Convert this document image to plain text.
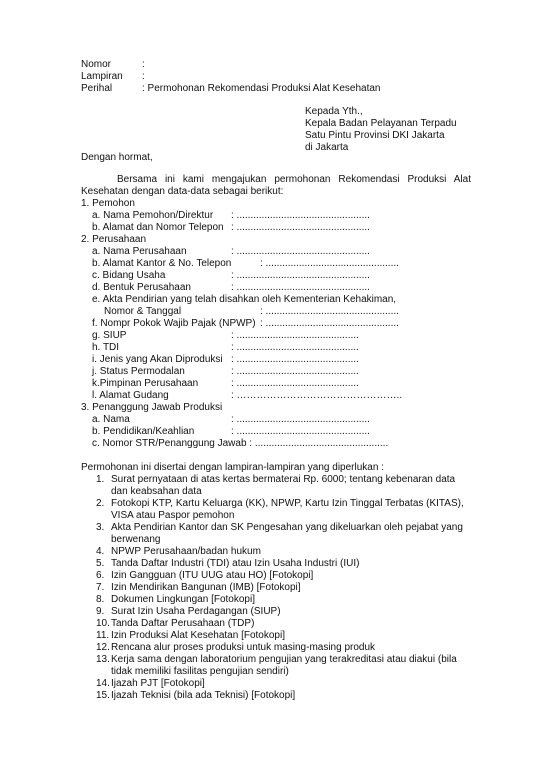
Nomor	:
Lampiran :
Perihal	: Permohonan Rekomendasi Produksi Alat Kesehatan
Kepada Yth.,
Kepala Badan Pelayanan Terpadu
Satu Pintu Provinsi DKI Jakarta
di Jakarta
Dengan hormat,
Bersama ini kami mengajukan permohonan Rekomendasi Produksi Alat
Kesehatan dengan data-data sebagai berikut:
1. Pemohon
a. Nama Pemohon/Direktur : ................................................
b. Alamat dan Nomor Telepon : ................................................
2. Perusahaan
a. Nama Perusahaan	: ................................................
b. Alamat Kantor & No. Telepon	: ................................................
c. Bidang Usaha	: ................................................
d. Bentuk Perusahaan	: ................................................
e. Akta Pendirian yang telah disahkan oleh Kementerian Kehakiman,
Nomor & Tanggal	: ................................................
f. Nompr Pokok Wajib Pajak (NPWP) : ................................................
g. SIUP	: ............................................
h. TDI	: ............................................
i. Jenis yang Akan Diproduksi : ............................................
j. Status Permodalan	: ............................................
k.Pimpinan Perusahaan	: ............................................
l. Alamat Gudang	: …………………………………………..
3. Penanggung Jawab Produksi
a. Nama	: ................................................
b. Pendidikan/Keahlian	: ................................................
c. Nomor STR/Penanggung Jawab : ................................................
Permohonan ini disertai dengan lampiran-lampiran yang diperlukan :
1. Surat pernyataan di atas kertas bermaterai Rp. 6000; tentang kebenaran data
dan keabsahan data
2. Fotokopi KTP, Kartu Keluarga (KK), NPWP, Kartu Izin Tinggal Terbatas (KITAS),
VISA atau Paspor pemohon
3. Akta Pendirian Kantor dan SK Pengesahan yang dikeluarkan oleh pejabat yang
berwenang
4. NPWP Perusahaan/badan hukum
5. Tanda Daftar Industri (TDI) atau Izin Usaha Industri (IUI)
6. Izin Gangguan (ITU UUG atau HO) [Fotokopi]
7. Izin Mendirikan Bangunan (IMB) [Fotokopi]
8. Dokumen Lingkungan [Fotokopi]
9. Surat Izin Usaha Perdagangan (SIUP)
10. Tanda Daftar Perusahaan (TDP)
11. Izin Produksi Alat Kesehatan [Fotokopi]
12. Rencana alur proses produksi untuk masing-masing produk
13. Kerja sama dengan laboratorium pengujian yang terakreditasi atau diakui (bila
tidak memiliki fasilitas pengujian sendiri)
14. Ijazah PJT [Fotokopi]
15. Ijazah Teknisi (bila ada Teknisi) [Fotokopi]
